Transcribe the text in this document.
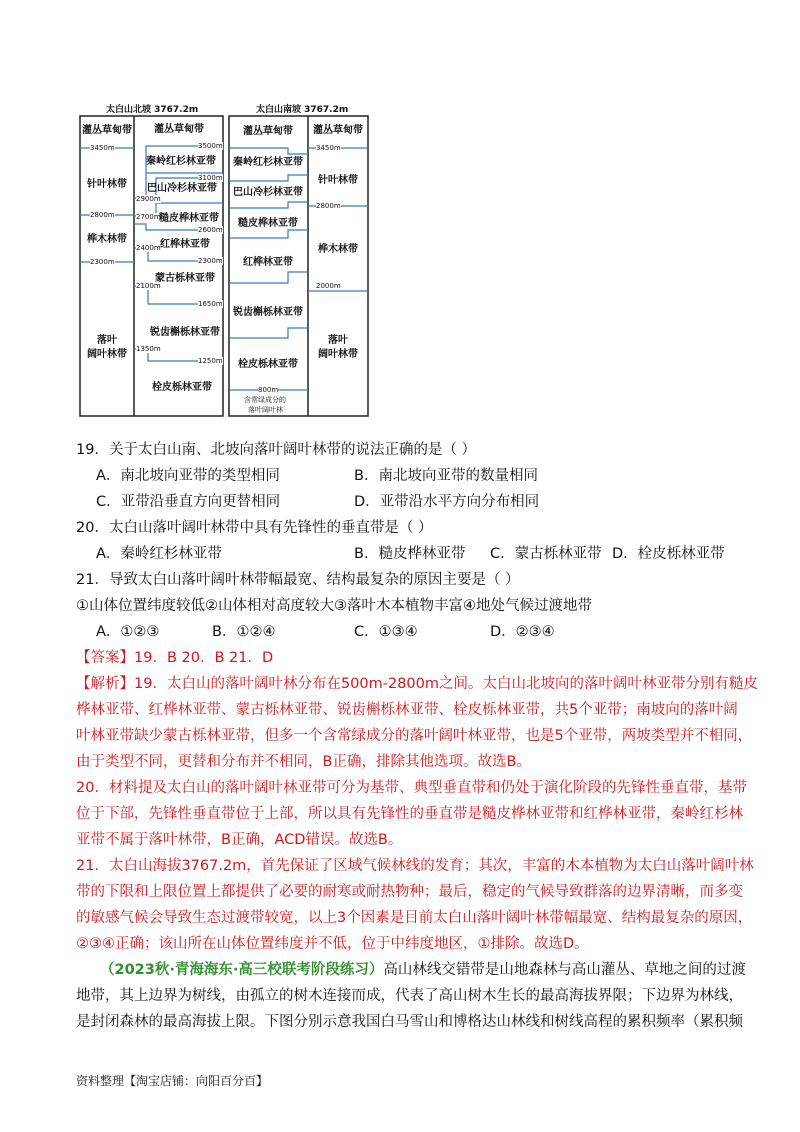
太白山北坡 3767.2m	太白山南坡 3767.2m
灌丛草甸带
针叶林带
桦木林带
落叶
阔叶林带
3450m
2800m
2300m
2900m
2700m
2400m
2100m
1350m
3500m
3100m
2600m
2300m
1650m
1250m
灌丛草甸带
秦岭红杉林亚带
巴山冷杉林亚带
糙皮桦林亚带
红桦林亚带
蒙古栎林亚带
锐齿槲栎林亚带
栓皮栎林亚带
灌丛草甸带
秦岭红杉林亚带
巴山冷杉林亚带
糙皮桦林亚带
红桦林亚带
锐齿槲栎林亚带
栓皮栎林亚带
800m
含常绿成分的
落叶阔叶林
灌丛草甸带
针叶林带
桦木林带
落叶
阔叶林带
3450m
2800m
2000m
19．关于太白山南、北坡向落叶阔叶林带的说法正确的是（ ）
A．南北坡向亚带的类型相同	B．南北坡向亚带的数量相同
C．亚带沿垂直方向更替相同	D．亚带沿水平方向分布相同
20．太白山落叶阔叶林带中具有先锋性的垂直带是（ ）
A．秦岭红杉林亚带	B．糙皮桦林亚带 C．蒙古栎林亚带 D．栓皮栎林亚带
21．导致太白山落叶阔叶林带幅最宽、结构最复杂的原因主要是（ ）
①山体位置纬度较低②山体相对高度较大③落叶木本植物丰富④地处气候过渡地带
A．①②③	B．①②④	C．①③④	D．②③④
【答案】19．B 20．B 21．D
【解析】19．太白山的落叶阔叶林分布在500m-2800m之间。太白山北坡向的落叶阔叶林亚带分别有糙皮
桦林亚带、红桦林亚带、蒙古栎林亚带、锐齿槲栎林亚带、栓皮栎林亚带，共5个亚带；南坡向的落叶阔
叶林亚带缺少蒙古栎林亚带，但多一个含常绿成分的落叶阔叶林亚带，也是5个亚带，两坡类型并不相同，
由于类型不同，更替和分布并不相同，B正确，排除其他选项。故选B。
20．材料提及太白山的落叶阔叶林亚带可分为基带、典型垂直带和仍处于演化阶段的先锋性垂直带，基带
位于下部，先锋性垂直带位于上部，所以具有先锋性的垂直带是糙皮桦林亚带和红桦林亚带，秦岭红杉林
亚带不属于落叶林带，B正确，ACD错误。故选B。
21．太白山海拔3767.2m，首先保证了区域气候林线的发育；其次，丰富的木本植物为太白山落叶阔叶林
带的下限和上限位置上都提供了必要的耐寒或耐热物种；最后，稳定的气候导致群落的边界清晰，而多变
的敏感气候会导致生态过渡带较宽，以上3个因素是目前太白山落叶阔叶林带幅最宽、结构最复杂的原因，
②③④正确；该山所在山体位置纬度并不低，位于中纬度地区，①排除。故选D。
（2023秋·青海海东·高三校联考阶段练习）高山林线交错带是山地森林与高山灌丛、草地之间的过渡
地带，其上边界为树线，由孤立的树木连接而成，代表了高山树木生长的最高海拔界限；下边界为林线，
是封闭森林的最高海拔上限。下图分别示意我国白马雪山和博格达山林线和树线高程的累积频率（累积频
资料整理【淘宝店铺：向阳百分百】
